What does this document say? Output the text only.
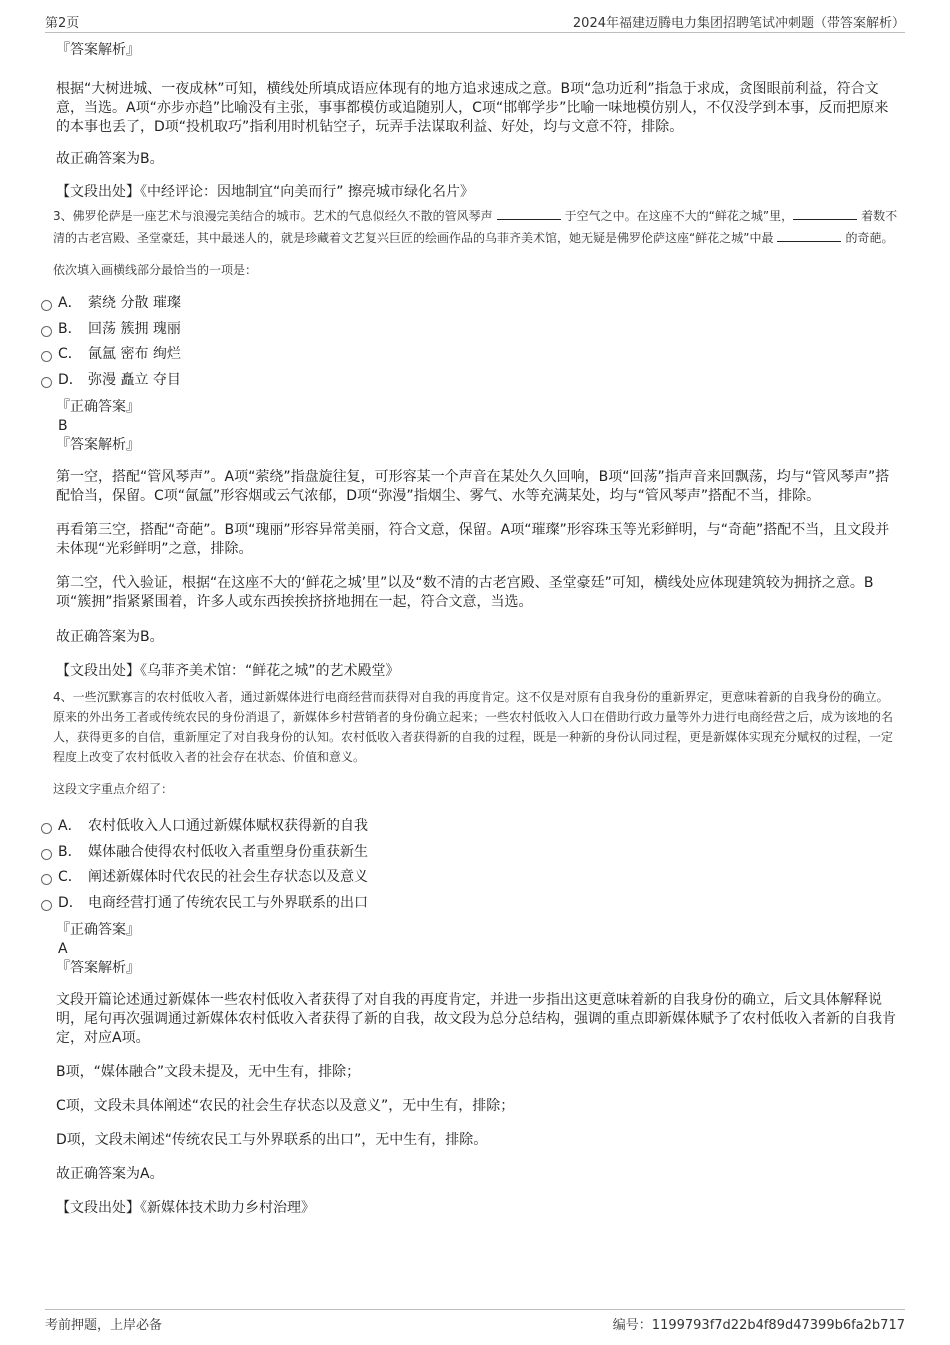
第2页	2024年福建迈腾电力集团招聘笔试冲刺题（带答案解析）
『答案解析』

根据“大树进城、一夜成林”可知，横线处所填成语应体现有的地方追求速成之意。B项“急功近利”指急于求成，贪图眼前利益，符合文意，当选。A项“亦步亦趋”比喻没有主张，事事都模仿或追随别人，C项“邯郸学步”比喻一味地模仿别人，不仅没学到本事，反而把原来的本事也丢了，D项“投机取巧”指利用时机钻空子，玩弄手法谋取利益、好处，均与文意不符，排除。

故正确答案为B。

【文段出处】《中经评论：因地制宜“向美而行” 擦亮城市绿化名片》

3、佛罗伦萨是一座艺术与浪漫完美结合的城市。艺术的气息似经久不散的管风琴声	于空气之中。在这座不大的“鲜花之城”里，	着数不清的古老宫殿、圣堂豪廷，其中最迷人的，就是珍藏着文艺复兴巨匠的绘画作品的乌菲齐美术馆，她无疑是佛罗伦萨这座“鲜花之城”中最	的奇葩。

依次填入画横线部分最恰当的一项是：

A． 萦绕 分散 璀璨
B． 回荡 簇拥 瑰丽
C． 氤氲 密布 绚烂
D． 弥漫 矗立 夺目
『正确答案』
B
『答案解析』

第一空，搭配“管风琴声”。A项“萦绕”指盘旋往复，可形容某一个声音在某处久久回响，B项“回荡”指声音来回飘荡，均与“管风琴声”搭配恰当，保留。C项“氤氲”形容烟或云气浓郁，D项“弥漫”指烟尘、雾气、水等充满某处，均与“管风琴声”搭配不当，排除。

再看第三空，搭配“奇葩”。B项“瑰丽”形容异常美丽，符合文意，保留。A项“璀璨”形容珠玉等光彩鲜明，与“奇葩”搭配不当，且文段并未体现“光彩鲜明”之意，排除。

第二空，代入验证，根据“在这座不大的‘鲜花之城’里”以及“数不清的古老宫殿、圣堂豪廷”可知，横线处应体现建筑较为拥挤之意。B项“簇拥”指紧紧围着，许多人或东西挨挨挤挤地拥在一起，符合文意，当选。

故正确答案为B。

【文段出处】《乌菲齐美术馆：“鲜花之城”的艺术殿堂》

4、一些沉默寡言的农村低收入者，通过新媒体进行电商经营而获得对自我的再度肯定。这不仅是对原有自我身份的重新界定，更意味着新的自我身份的确立。原来的外出务工者或传统农民的身份消退了，新媒体乡村营销者的身份确立起来；一些农村低收入人口在借助行政力量等外力进行电商经营之后，成为该地的名人，获得更多的自信，重新厘定了对自我身份的认知。农村低收入者获得新的自我的过程，既是一种新的身份认同过程，更是新媒体实现充分赋权的过程，一定程度上改变了农村低收入者的社会存在状态、价值和意义。

这段文字重点介绍了：

A． 农村低收入人口通过新媒体赋权获得新的自我
B． 媒体融合使得农村低收入者重塑身份重获新生
C． 阐述新媒体时代农民的社会生存状态以及意义
D． 电商经营打通了传统农民工与外界联系的出口
『正确答案』
A
『答案解析』

文段开篇论述通过新媒体一些农村低收入者获得了对自我的再度肯定，并进一步指出这更意味着新的自我身份的确立，后文具体解释说明，尾句再次强调通过新媒体农村低收入者获得了新的自我，故文段为总分总结构，强调的重点即新媒体赋予了农村低收入者新的自我肯定，对应A项。

B项，“媒体融合”文段未提及，无中生有，排除；

C项，文段未具体阐述“农民的社会生存状态以及意义”，无中生有，排除；

D项，文段未阐述“传统农民工与外界联系的出口”，无中生有，排除。

故正确答案为A。

【文段出处】《新媒体技术助力乡村治理》
考前押题，上岸必备	编号：1199793f7d22b4f89d47399b6fa2b717
